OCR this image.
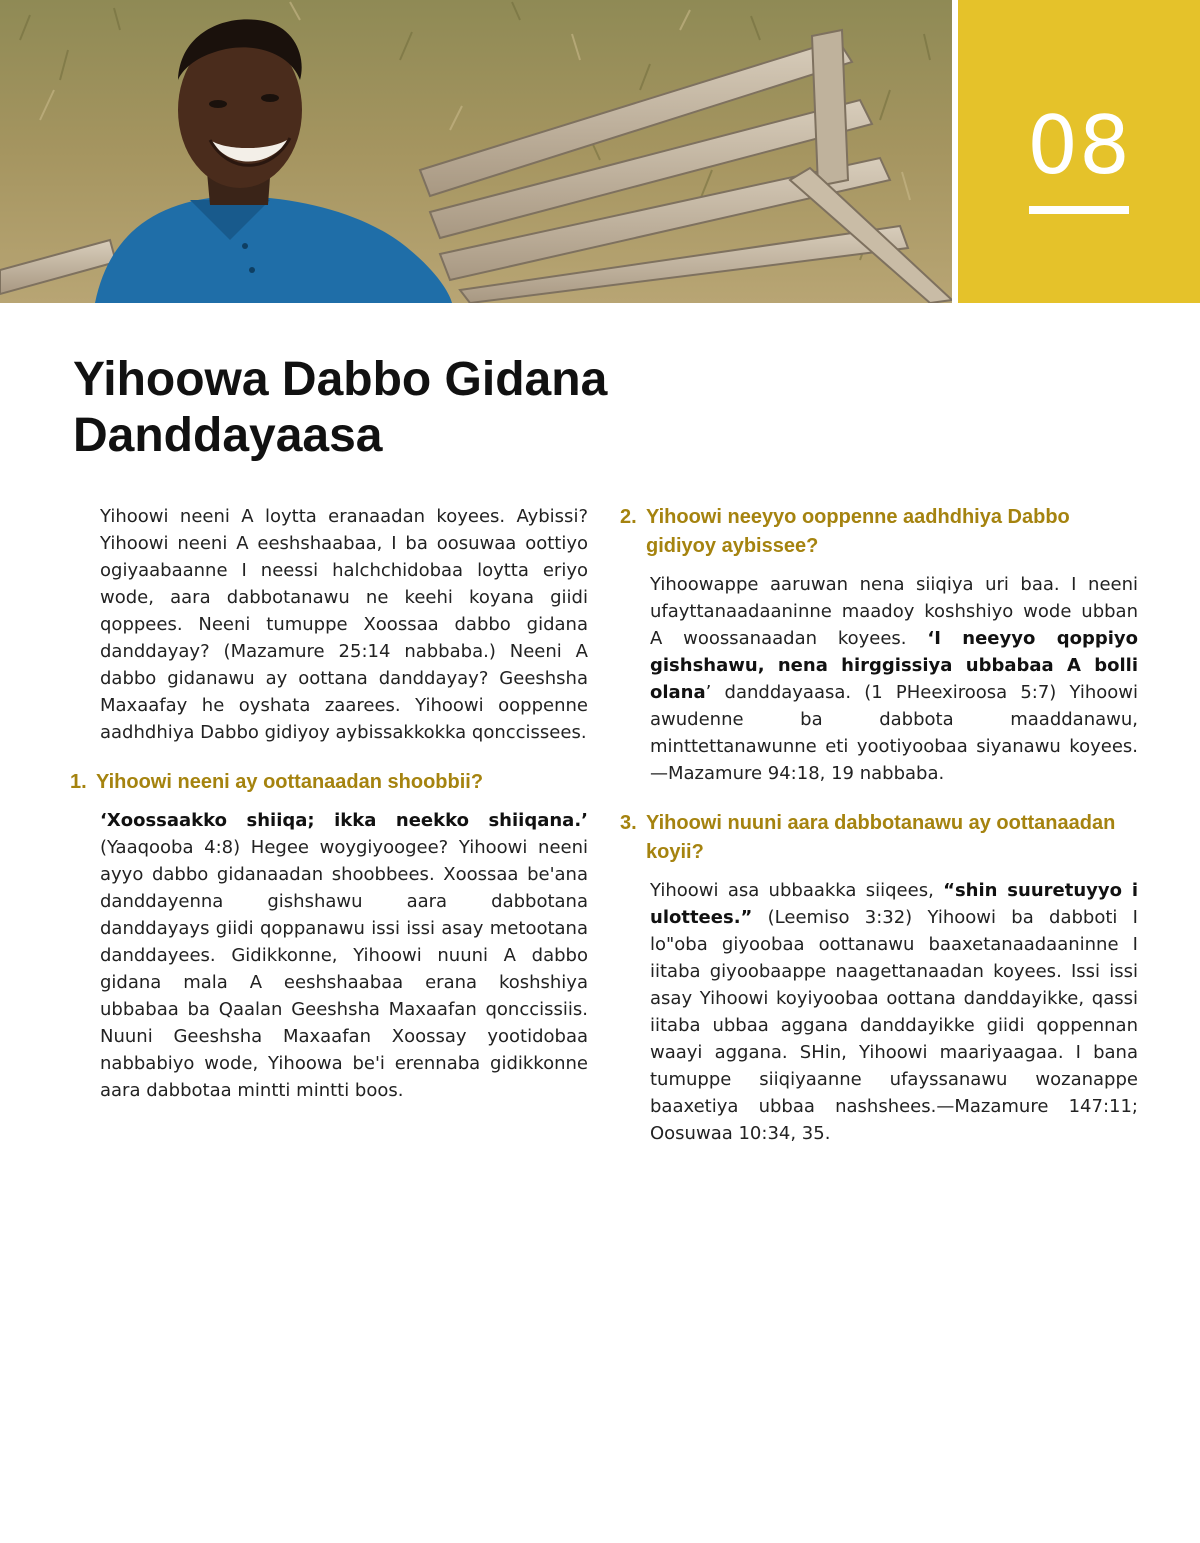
08
Yihoowa Dabbo Gidana
Danddayaasa

Yihoowi neeni A loytta eranaadan koyees. Aybissi? Yihoowi neeni A eeshshaabaa, I ba oosuwaa oottiyo ogiyaabaanne I neessi halchchidobaa loytta eriyo wode, aara dabbotanawu ne keehi koyana giidi qoppees. Neeni tumuppe Xoossaa dabbo gidana danddayay? (Mazamure 25:14 nabbaba.) Neeni A dabbo gidanawu ay oottana danddayay? Geeshsha Maxaafay he oyshata zaarees. Yihoowi ooppenne aadhdhiya Dabbo gidiyoy aybissakkokka qonccissees.

1. Yihoowi neeni ay oottanaadan shoobbii?

‘Xoossaakko shiiqa; ikka neekko shiiqana.’ (Yaaqooba 4:8) Hegee woygiyoogee? Yihoowi neeni ayyo dabbo gidanaadan shoobbees. Xoossaa be'ana danddayenna gishshawu aara dabbotana danddayays giidi qoppanawu issi issi asay metootana danddayees. Gidikkonne, Yihoowi nuuni A dabbo gidana mala A eeshshaabaa erana koshshiya ubbabaa ba Qaalan Geeshsha Maxaafan qonccissiis. Nuuni Geeshsha Maxaafan Xoossay yootidobaa nabbabiyo wode, Yihoowa be'i erennaba gidikkonne aara dabbotaa mintti mintti boos.

2. Yihoowi neeyyo ooppenne aadhdhiya Dabbo gidiyoy aybissee?

Yihoowappe aaruwan nena siiqiya uri baa. I neeni ufayttanaadaaninne maadoy koshshiyo wode ubban A woossanaadan koyees. ‘I neeyyo qoppiyo gishshawu, nena hirggissiya ubbabaa A bolli olana’ danddayaasa. (1 PHeexiroosa 5:7) Yihoowi awudenne ba dabbota maaddanawu, minttettanawunne eti yootiyoobaa siyanawu koyees.—Mazamure 94:18, 19 nabbaba.

3. Yihoowi nuuni aara dabbotanawu ay oottanaadan koyii?

Yihoowi asa ubbaakka siiqees, “shin suuretuyyo i ulottees.” (Leemiso 3:32) Yihoowi ba dabboti I lo"oba giyoobaa oottanawu baaxetanaadaaninne I iitaba giyoobaappe naagettanaadan koyees. Issi issi asay Yihoowi koyiyoobaa oottana danddayikke, qassi iitaba ubbaa aggana danddayikke giidi qoppennan waayi aggana. SHin, Yihoowi maariyaagaa. I bana tumuppe siiqiyaanne ufayssanawu wozanappe baaxetiya ubbaa nashshees.—Mazamure 147:11; Oosuwaa 10:34, 35.
